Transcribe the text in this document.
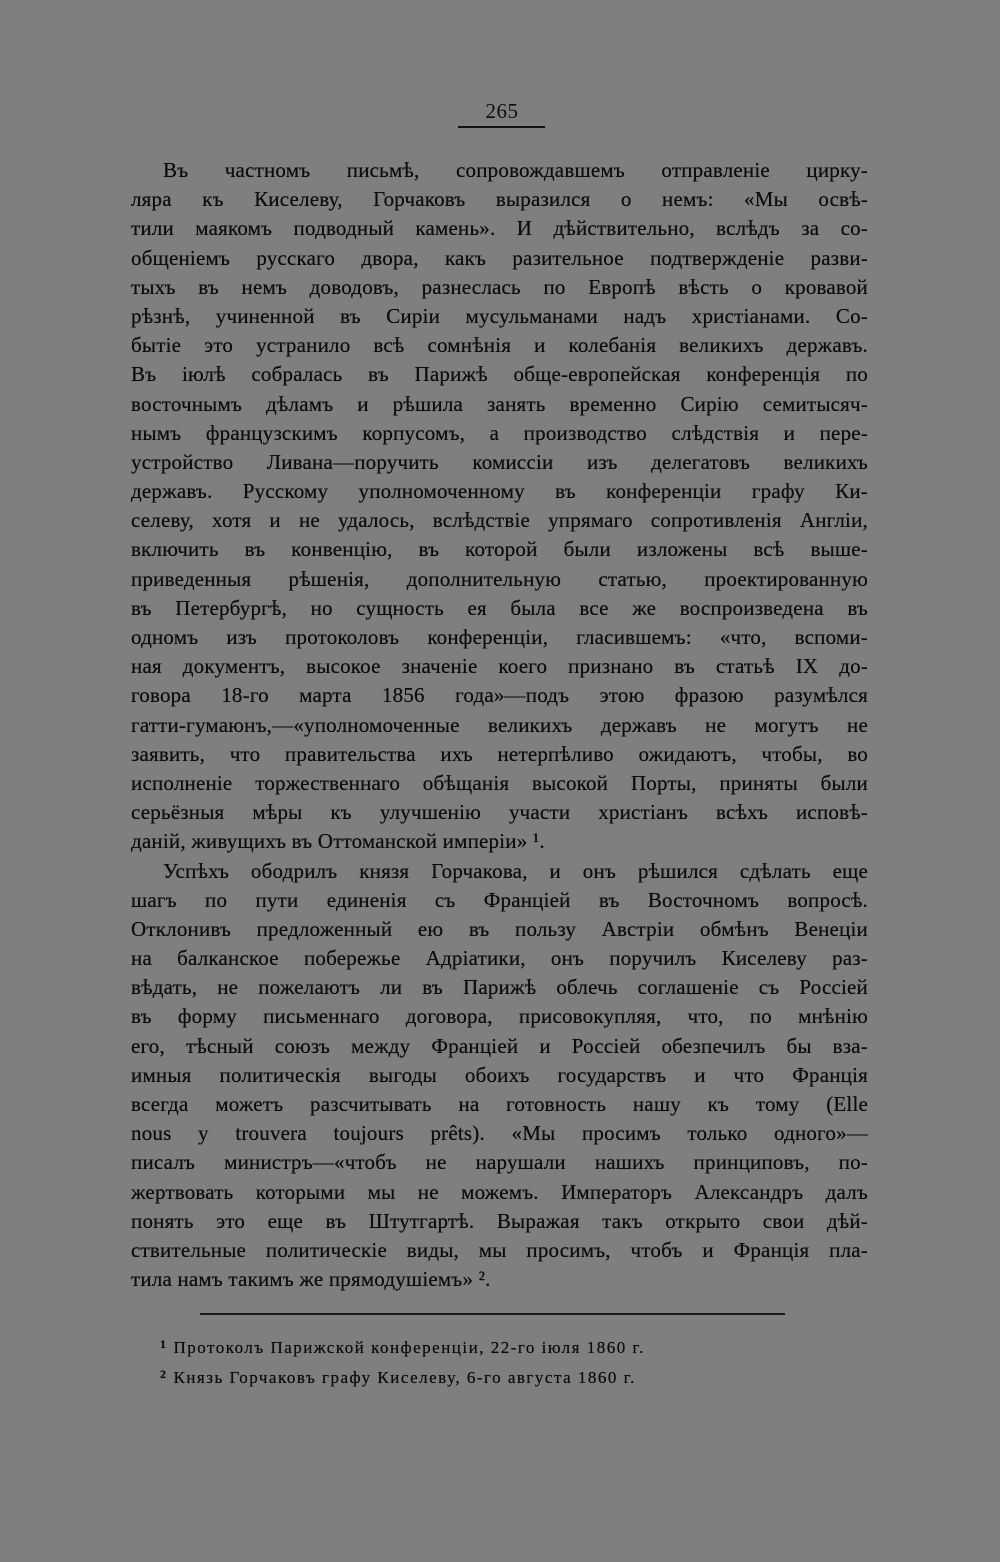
265
Въ частномъ письмѣ, сопровождавшемъ отправленіе цирку-
ляра къ Киселеву, Горчаковъ выразился о немъ: «Мы освѣ-
тили маякомъ подводный камень». И дѣйствительно, вслѣдъ за со-
общеніемъ русскаго двора, какъ разительное подтвержденіе разви-
тыхъ въ немъ доводовъ, разнеслась по Европѣ вѣсть о кровавой
рѣзнѣ, учиненной въ Сиріи мусульманами надъ христіанами. Со-
бытіе это устранило всѣ сомнѣнія и колебанія великихъ державъ.
Въ іюлѣ собралась въ Парижѣ обще-европейская конференція по
восточнымъ дѣламъ и рѣшила занять временно Сирію семитысяч-
нымъ французскимъ корпусомъ, а производство слѣдствія и пере-
устройство Ливана—поручить комиссіи изъ делегатовъ великихъ
державъ. Русскому уполномоченному въ конференціи графу Ки-
селеву, хотя и не удалось, вслѣдствіе упрямаго сопротивленія Англіи,
включить въ конвенцію, въ которой были изложены всѣ выше-
приведенныя рѣшенія, дополнительную статью, проектированную
въ Петербургѣ, но сущность ея была все же воспроизведена въ
одномъ изъ протоколовъ конференціи, гласившемъ: «что, вспоми-
ная документъ, высокое значеніе коего признано въ статьѣ IX до-
говора 18-го марта 1856 года»—подъ этою фразою разумѣлся
гатти-гумаюнъ,—«уполномоченные великихъ державъ не могутъ не
заявить, что правительства ихъ нетерпѣливо ожидаютъ, чтобы, во
исполненіе торжественнаго обѣщанія высокой Порты, приняты были
серьёзныя мѣры къ улучшенію участи христіанъ всѣхъ исповѣ-
даній, живущихъ въ Оттоманской имперіи» ¹.
Успѣхъ ободрилъ князя Горчакова, и онъ рѣшился сдѣлать еще
шагъ по пути единенія съ Франціей въ Восточномъ вопросѣ.
Отклонивъ предложенный ею въ пользу Австріи обмѣнъ Венеціи
на балканское побережье Адріатики, онъ поручилъ Киселеву раз-
вѣдать, не пожелаютъ ли въ Парижѣ облечь соглашеніе съ Россіей
въ форму письменнаго договора, присовокупляя, что, по мнѣнію
его, тѣсный союзъ между Франціей и Россіей обезпечилъ бы вза-
имныя политическія выгоды обоихъ государствъ и что Франція
всегда можетъ разсчитывать на готовность нашу къ тому (Elle
nous y trouvera toujours prêts). «Мы просимъ только одного»—
писалъ министръ—«чтобъ не нарушали нашихъ принциповъ, по-
жертвовать которыми мы не можемъ. Императоръ Александръ далъ
понять это еще въ Штутгартѣ. Выражая такъ открыто свои дѣй-
ствительные политическіе виды, мы просимъ, чтобъ и Франція пла-
тила намъ такимъ же прямодушіемъ» ².
$^1$ Протоколъ Парижской конференціи, 22-го іюля 1860 г.
$^2$ Князь Горчаковъ графу Киселеву, 6-го августа 1860 г.
